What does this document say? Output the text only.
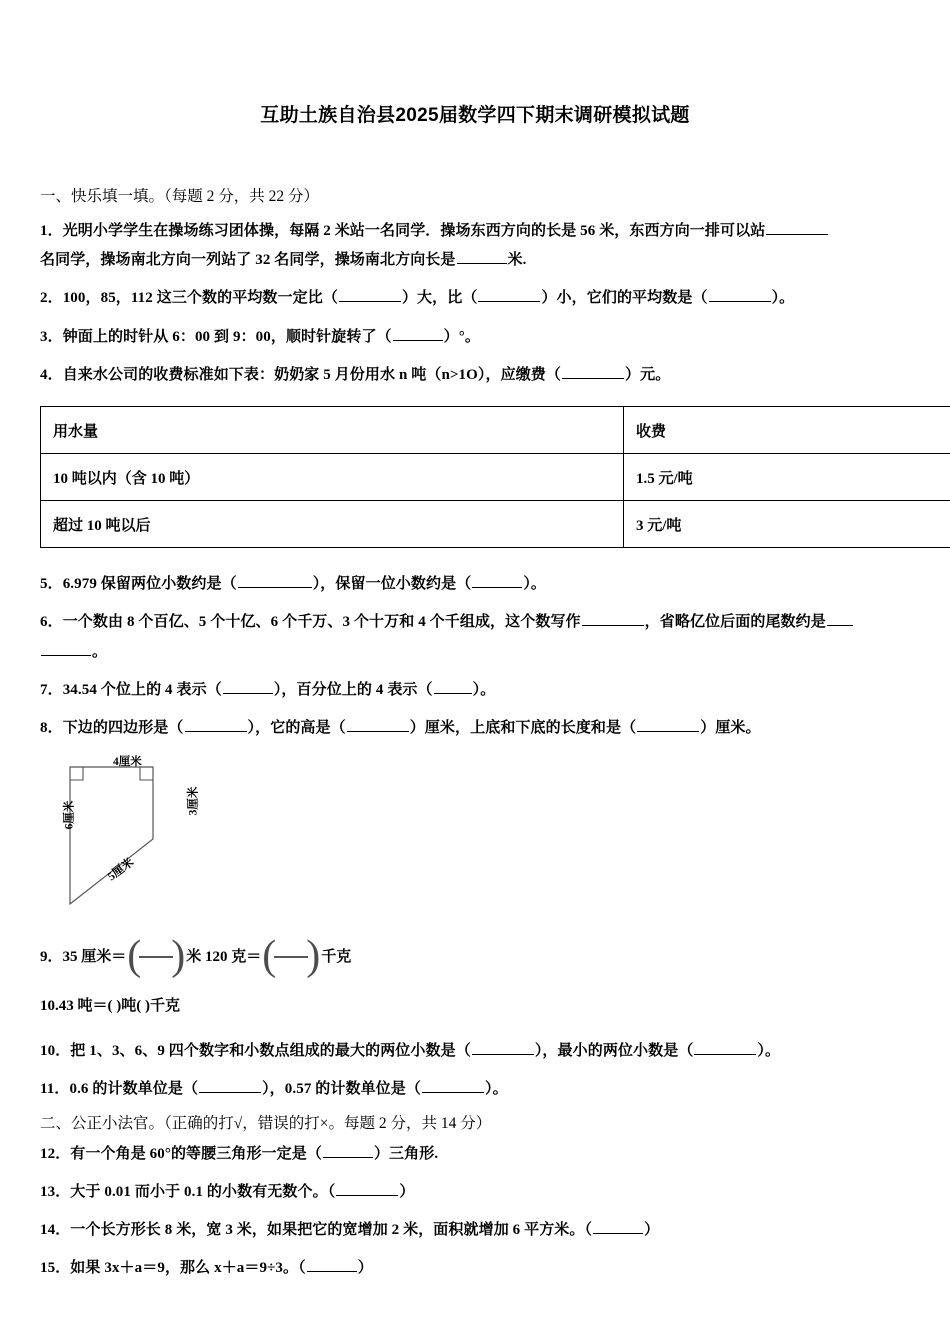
互助土族自治县2025届数学四下期末调研模拟试题
一、快乐填一填。（每题 2 分，共 22 分）
1．光明小学学生在操场练习团体操，每隔 2 米站一名同学．操场东西方向的长是 56 米，东西方向一排可以站
名同学，操场南北方向一列站了 32 名同学，操场南北方向长是	米.
2．100，85，112 这三个数的平均数一定比（	）大，比（	）小，它们的平均数是（	）。
3．钟面上的时针从 6：00 到 9：00，顺时针旋转了（	）°。
4．自来水公司的收费标准如下表：奶奶家 5 月份用水 n 吨（n>1O），应缴费（	）元。
用水量	收费
10 吨以内（含 10 吨）	1.5 元/吨
超过 10 吨以后	3 元/吨
5．6.979 保留两位小数约是（	），保留一位小数约是（	）。
6．一个数由 8 个百亿、5 个十亿、6 个千万、3 个十万和 4 个千组成，这个数写作	，省略亿位后面的尾数约是
。
7．34.54 个位上的 4 表示（	），百分位上的 4 表示（	）。
8．下边的四边形是（	），它的高是（	）厘米，上底和下底的长度和是（	）厘米。
4厘米
6厘米	3厘米
5厘米
9．35 厘米＝ ( ) 米 120 克＝ ( ) 千克
10.43 吨＝( )吨( )千克
10．把 1、3、6、9 四个数字和小数点组成的最大的两位小数是（	），最小的两位小数是（	）。
11．0.6 的计数单位是（	），0.57 的计数单位是（	）。
二、公正小法官。（正确的打√，错误的打×。每题 2 分，共 14 分）
12．有一个角是 60°的等腰三角形一定是（	）三角形.
13．大于 0.01 而小于 0.1 的小数有无数个。（	）
14．一个长方形长 8 米，宽 3 米，如果把它的宽增加 2 米，面积就增加 6 平方米。（	）
15．如果 3x＋a＝9，那么 x＋a＝9÷3。（	）
